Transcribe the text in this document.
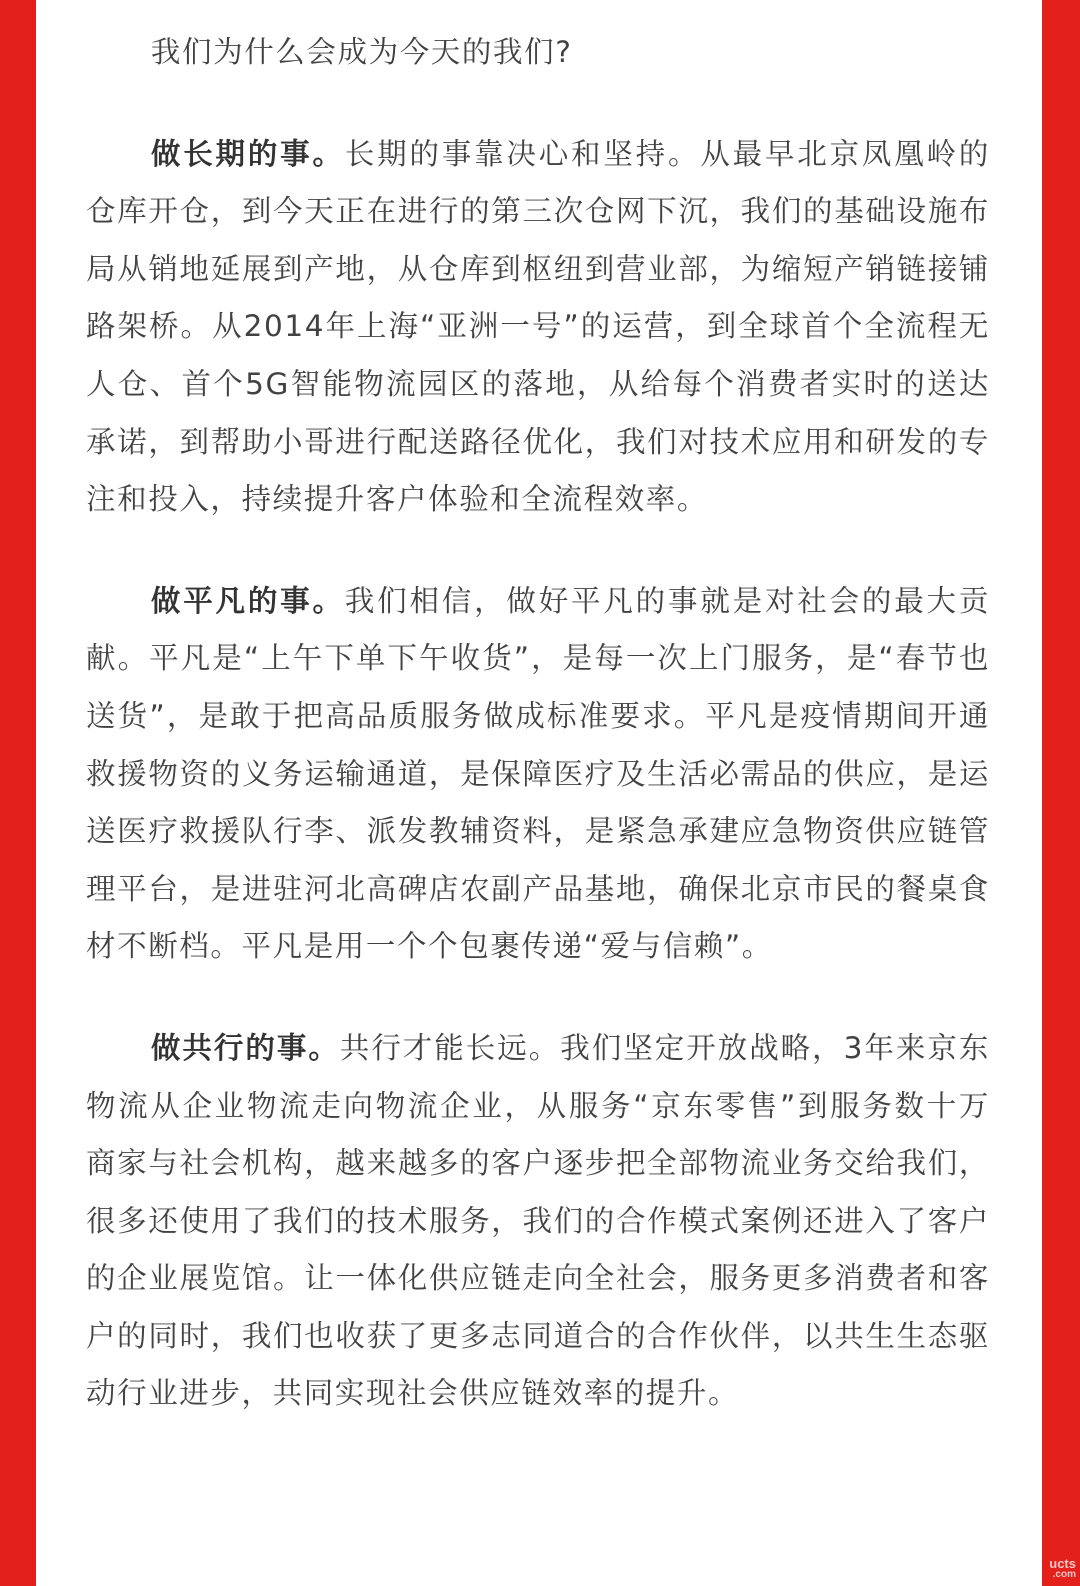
我们为什么会成为今天的我们?

做长期的事。长期的事靠决心和坚持。从最早北京凤凰岭的仓库开仓，到今天正在进行的第三次仓网下沉，我们的基础设施布局从销地延展到产地，从仓库到枢纽到营业部，为缩短产销链接铺路架桥。从2014年上海“亚洲一号”的运营，到全球首个全流程无人仓、首个5G智能物流园区的落地，从给每个消费者实时的送达承诺，到帮助小哥进行配送路径优化，我们对技术应用和研发的专注和投入，持续提升客户体验和全流程效率。

做平凡的事。我们相信，做好平凡的事就是对社会的最大贡献。平凡是“上午下单下午收货”，是每一次上门服务，是“春节也送货”，是敢于把高品质服务做成标准要求。平凡是疫情期间开通救援物资的义务运输通道，是保障医疗及生活必需品的供应，是运送医疗救援队行李、派发教辅资料，是紧急承建应急物资供应链管理平台，是进驻河北高碑店农副产品基地，确保北京市民的餐桌食材不断档。平凡是用一个个包裹传递“爱与信赖”。

做共行的事。共行才能长远。我们坚定开放战略，3年来京东物流从企业物流走向物流企业，从服务“京东零售”到服务数十万商家与社会机构，越来越多的客户逐步把全部物流业务交给我们，很多还使用了我们的技术服务，我们的合作模式案例还进入了客户的企业展览馆。让一体化供应链走向全社会，服务更多消费者和客户的同时，我们也收获了更多志同道合的合作伙伴，以共生生态驱动行业进步，共同实现社会供应链效率的提升。

ucts
.com
